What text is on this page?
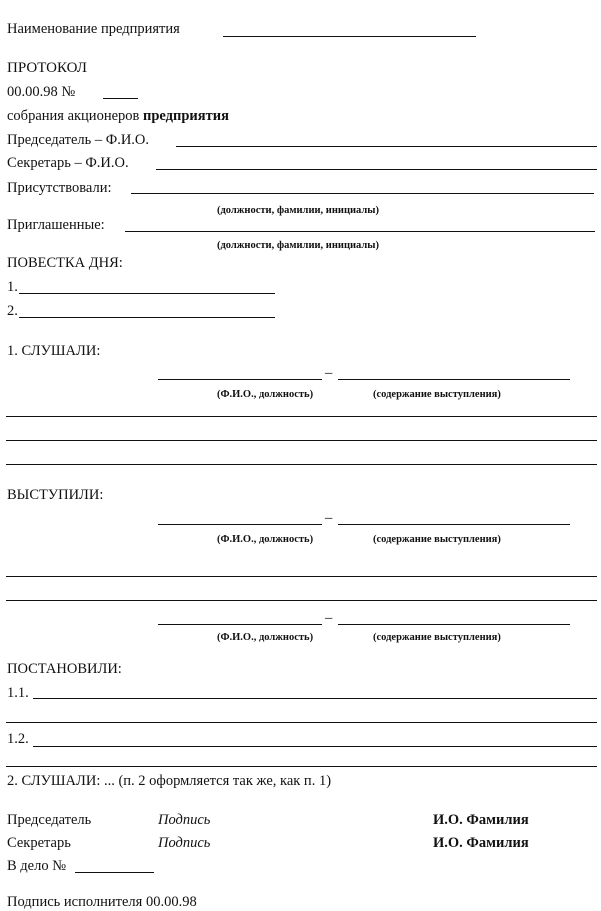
Наименование предприятия
ПРОТОКОЛ
00.00.98 №
собрания акционеров предприятия
Председатель – Ф.И.О.
Секретарь – Ф.И.О.
Присутствовали:
(должности, фамилии, инициалы)
Приглашенные:
(должности, фамилии, инициалы)
ПОВЕСТКА ДНЯ:
1.
2.
1. СЛУШАЛИ:
–
(Ф.И.О., должность)	(содержание выступления)
ВЫСТУПИЛИ:
–
(Ф.И.О., должность)	(содержание выступления)
–
(Ф.И.О., должность)	(содержание выступления)
ПОСТАНОВИЛИ:
1.1.
1.2.
2. СЛУШАЛИ: ... (п. 2 оформляется так же, как п. 1)
Председатель	Подпись	И.О. Фамилия
Секретарь	Подпись	И.О. Фамилия
В дело №
Подпись исполнителя 00.00.98
